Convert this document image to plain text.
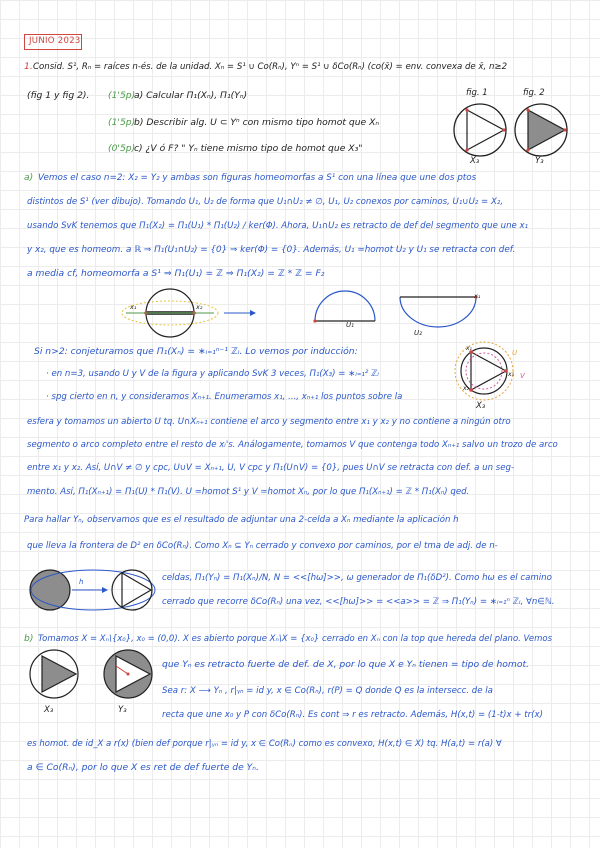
JUNIO 2023
1. Consid. S¹, Rₙ = raíces n-és. de la unidad. Xₙ = S¹ ∪ Co(Rₙ), Yⁿ = S¹ ∪ δCo(Rₙ) (co(x̄) = env. convexa de x̄, n≥2
(fig 1 y fig 2). (1'5p)
a) Calcular Π₁(Xₙ), Π₁(Yₙ)
(1'5p)
b) Describir alg. U ⊂ Yⁿ con mismo tipo homot que Xₙ
(0'5p)
c) ¿V ó F? " Yₙ tiene mismo tipo de homot que X₃"
fig. 1	fig. 2
X₃	Y₃
a) Vemos el caso n=2: X₂ = Y₂ y ambas son figuras homeomorfas a S¹ con una línea que une dos ptos
distintos de S¹ (ver dibujo). Tomando U₁, U₂ de forma que U₁∩U₂ ≠ ∅, U₁, U₂ conexos por caminos, U₁∪U₂ = X₂,
usando SvK tenemos que Π₁(X₂) = Π₁(U₁) * Π₁(U₂) / ker(Φ). Ahora, U₁∩U₂ es retracto de def del segmento que une x₁
y x₂, que es homeom. a ℝ ⇒ Π₁(U₁∩U₂) = {0} ⇒ ker(Φ) = {0}. Además, U₁ ≃homot U₂ y U₁ se retracta con def.
a media cf, homeomorfa a S¹ ⇒ Π₁(U₁) = ℤ ⇒ Π₁(X₂) = ℤ * ℤ = F₂
x₁	x₂
U₁∩U₂
U₁
U₂
x₁
Si n>2: conjeturamos que Π₁(Xₙ) = ∗ᵢ₌₁ⁿ⁻¹ ℤᵢ. Lo vemos por inducción:
· en n=3, usando U y V de la figura y aplicando SvK 3 veces, Π₁(X₃) = ∗ᵢ₌₁² ℤᵢ
· spg cierto en n, y consideramos Xₙ₊₁. Enumeramos x₁, ..., xₙ₊₁ los puntos sobre la
esfera y tomamos un abierto U tq. U∩Xₙ₊₁ contiene el arco y segmento entre x₁ y x₂ y no contiene a ningún otro
segmento o arco completo entre el resto de xᵢ's. Análogamente, tomamos V que contenga todo Xₙ₊₁ salvo un trozo de arco
entre x₁ y x₂. Así, U∩V ≠ ∅ y cpc, U∪V = Xₙ₊₁, U, V cpc y Π₁(U∩V) = {0}, pues U∩V se retracta con def. a un seg-
mento. Así, Π₁(Xₙ₊₁) = Π₁(U) * Π₁(V). U ≃homot S¹ y V ≃homot Xₙ, por lo que Π₁(Xₙ₊₁) = ℤ * Π₁(Xₙ) qed.
x₁
x₂
x₃
U
V
X₃
Para hallar Yₙ, observamos que es el resultado de adjuntar una 2-celda a Xₙ mediante la aplicación h
que lleva la frontera de D² en δCo(Rₙ). Como Xₙ ⊆ Yₙ cerrado y convexo por caminos, por el tma de adj. de n-
celdas, Π₁(Yₙ) = Π₁(Xₙ)/N, N = <<[hω]>>, ω generador de Π₁(δD²). Como hω es el camino
cerrado que recorre δCo(Rₙ) una vez, <<[hω]>> = <<a>> = ℤ ⇒ Π₁(Yₙ) = ∗ᵢ₌₁ⁿ ℤᵢ, ∀n∈ℕ.
h
b) Tomamos X = Xₙ\{x₀}, x₀ = (0,0). X es abierto porque Xₙ\X = {x₀} cerrado en Xₙ con la top que hereda del plano. Vemos
que Yₙ es retracto fuerte de def. de X, por lo que X e Yₙ tienen = tipo de homot.
Sea r: X ⟶ Yₙ , r|ᵧₙ = id y, x ∈ Co(Rₙ), r(P) = Q donde Q es la intersecc. de la
recta que une x₀ y P con δCo(Rₙ). Es cont ⇒ r es retracto. Además, H(x,t) = (1-t)x + tr(x)
es homot. de id_X a r(x) (bien def porque r|ᵧₙ = id y, x ∈ Co(Rₙ) como es convexo, H(x,t) ∈ X) tq. H(a,t) = r(a) ∀
a ∈ Co(Rₙ), por lo que X es ret de def fuerte de Yₙ.
X₃	Y₃
